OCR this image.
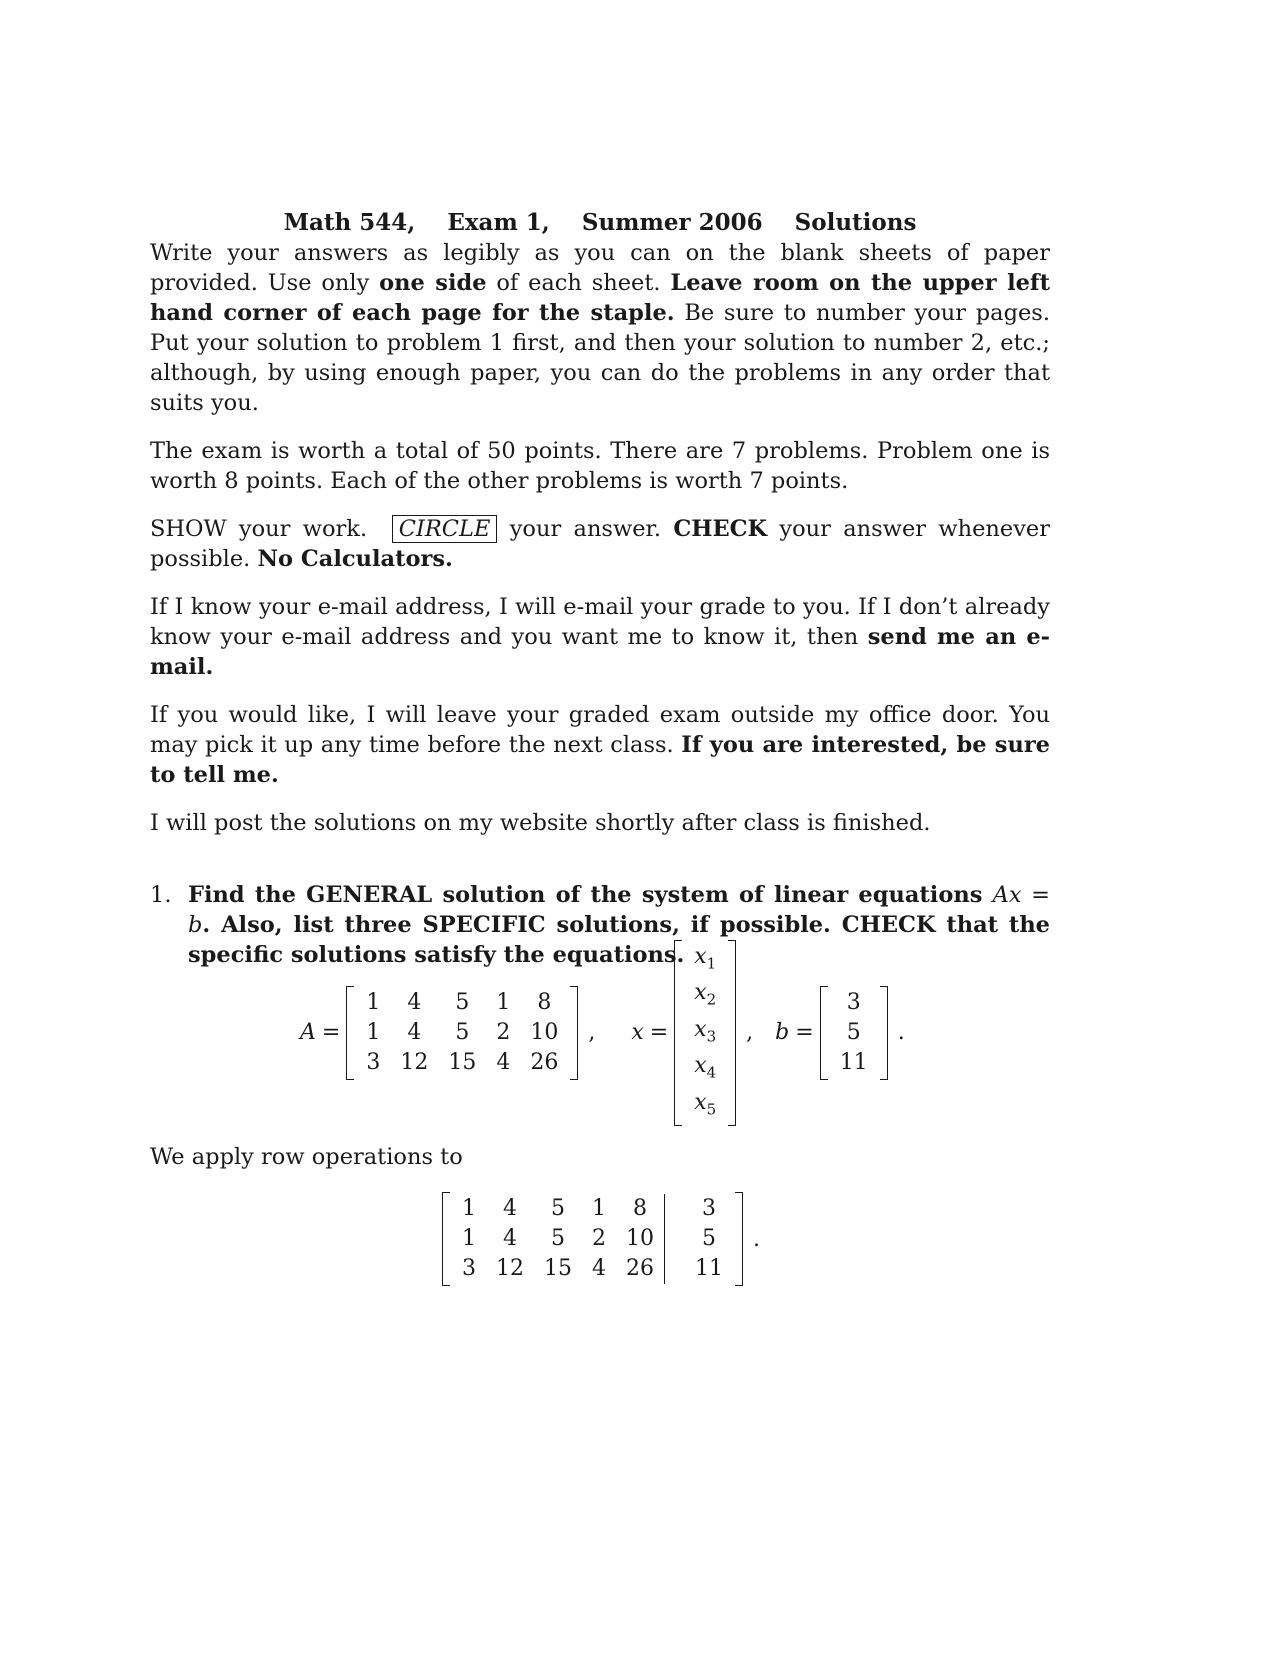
Math 544, Exam 1, Summer 2006 Solutions

Write your answers as legibly as you can on the blank sheets of paper provided. Use only one side of each sheet. Leave room on the upper left hand corner of each page for the staple. Be sure to number your pages. Put your solution to problem 1 first, and then your solution to number 2, etc.; although, by using enough paper, you can do the problems in any order that suits you.

The exam is worth a total of 50 points. There are 7 problems. Problem one is worth 8 points. Each of the other problems is worth 7 points.

SHOW your work. CIRCLE your answer. CHECK your answer whenever possible. No Calculators.

If I know your e-mail address, I will e-mail your grade to you. If I don’t already know your e-mail address and you want me to know it, then send me an e-mail.

If you would like, I will leave your graded exam outside my office door. You may pick it up any time before the next class. If you are interested, be sure to tell me.

I will post the solutions on my website shortly after class is finished.

1. Find the GENERAL solution of the system of linear equations Ax = b. Also, list three SPECIFIC solutions, if possible. CHECK that the specific solutions satisfy the equations.
A =
1	4	5	1	8
1	4	5	2	10
3	12	15	4	26
, x =
$x_1$
$x_2$
$x_3$
$x_4$
$x_5$
, b =
3
5
11
.
We apply row operations to
1	4	5	1	8		3
1	4	5	2	10		5
3	12	15	4	26		11
.
